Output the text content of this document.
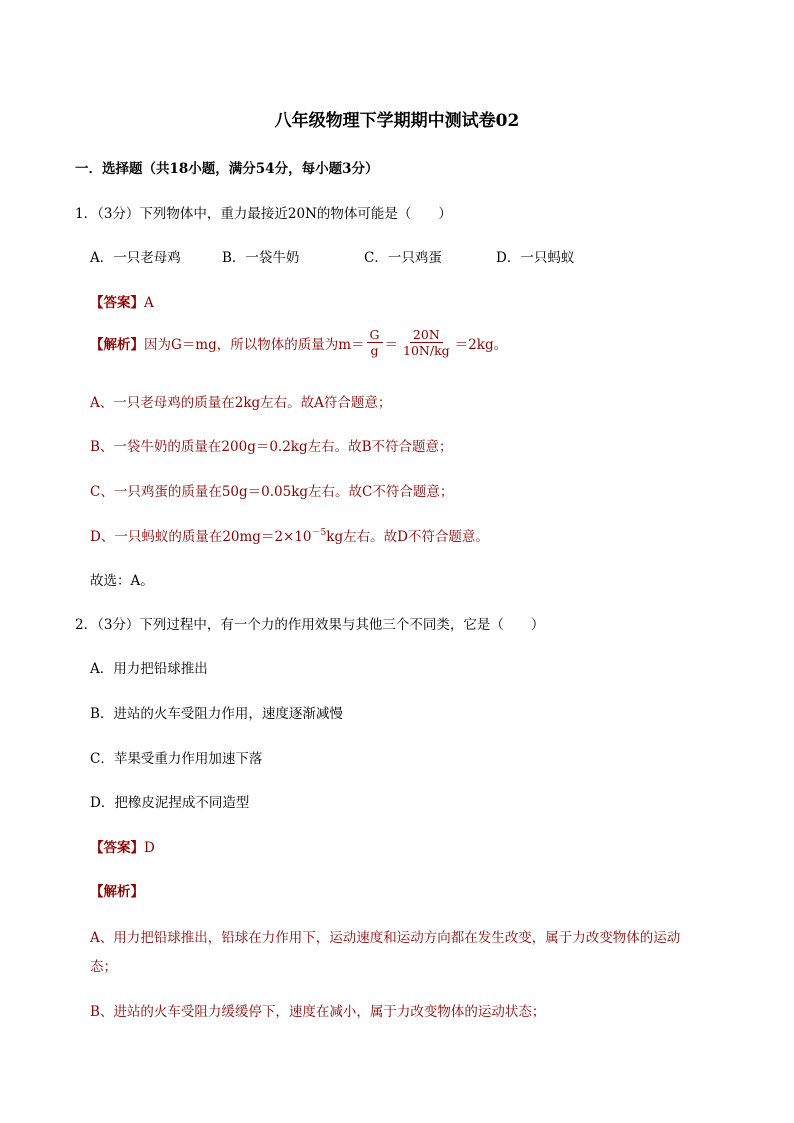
八年级物理下学期期中测试卷02
一．选择题（共18小题，满分54分，每小题3分）
1．（3分）下列物体中，重力最接近20N的物体可能是（　　）
A．一只老母鸡	B．一袋牛奶	C．一只鸡蛋	D．一只蚂蚁
【答案】A
【解析】 因为G＝mg，所以物体的质量为$m= \frac{G}{g} = \frac{20N}{10N/kg} =2kg$。
A、一只老母鸡的质量在2kg左右。故A符合题意；
B、一袋牛奶的质量在200g＝0.2kg左右。故B不符合题意；
C、一只鸡蛋的质量在50g＝0.05kg左右。故C不符合题意；
D、一只蚂蚁的质量在$20mg=2\times 10^{-5}kg$左右。故D不符合题意。
故选：A。
2．（3分）下列过程中，有一个力的作用效果与其他三个不同类，它是（　　）
A．用力把铅球推出
B．进站的火车受阻力作用，速度逐渐减慢
C．苹果受重力作用加速下落
D．把橡皮泥捏成不同造型
【答案】D
【解析】
A、用力把铅球推出，铅球在力作用下，运动速度和运动方向都在发生改变，属于力改变物体的运动
态；
B、进站的火车受阻力缓缓停下，速度在减小，属于力改变物体的运动状态；
